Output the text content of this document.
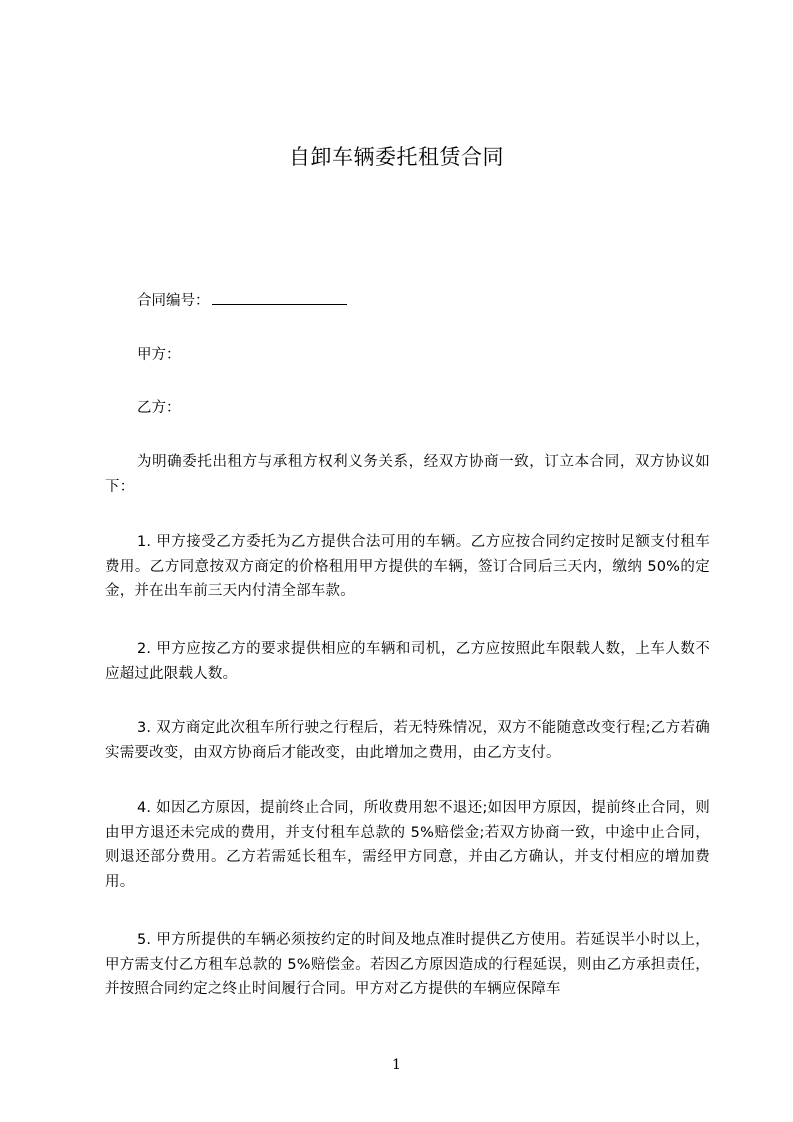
自卸车辆委托租赁合同
合同编号：
甲方：
乙方：
为明确委托出租方与承租方权利义务关系，经双方协商一致，订立本合同，双方协议如下：
1. 甲方接受乙方委托为乙方提供合法可用的车辆。乙方应按合同约定按时足额支付租车费用。乙方同意按双方商定的价格租用甲方提供的车辆，签订合同后三天内，缴纳 50%的定金，并在出车前三天内付清全部车款。
2. 甲方应按乙方的要求提供相应的车辆和司机，乙方应按照此车限载人数，上车人数不应超过此限载人数。
3. 双方商定此次租车所行驶之行程后，若无特殊情况，双方不能随意改变行程;乙方若确实需要改变，由双方协商后才能改变，由此增加之费用，由乙方支付。
4. 如因乙方原因，提前终止合同，所收费用恕不退还;如因甲方原因，提前终止合同，则由甲方退还未完成的费用，并支付租车总款的 5%赔偿金;若双方协商一致，中途中止合同，则退还部分费用。乙方若需延长租车，需经甲方同意，并由乙方确认，并支付相应的增加费用。
5. 甲方所提供的车辆必须按约定的时间及地点准时提供乙方使用。若延误半小时以上，甲方需支付乙方租车总款的 5%赔偿金。若因乙方原因造成的行程延误，则由乙方承担责任，并按照合同约定之终止时间履行合同。甲方对乙方提供的车辆应保障车
1
